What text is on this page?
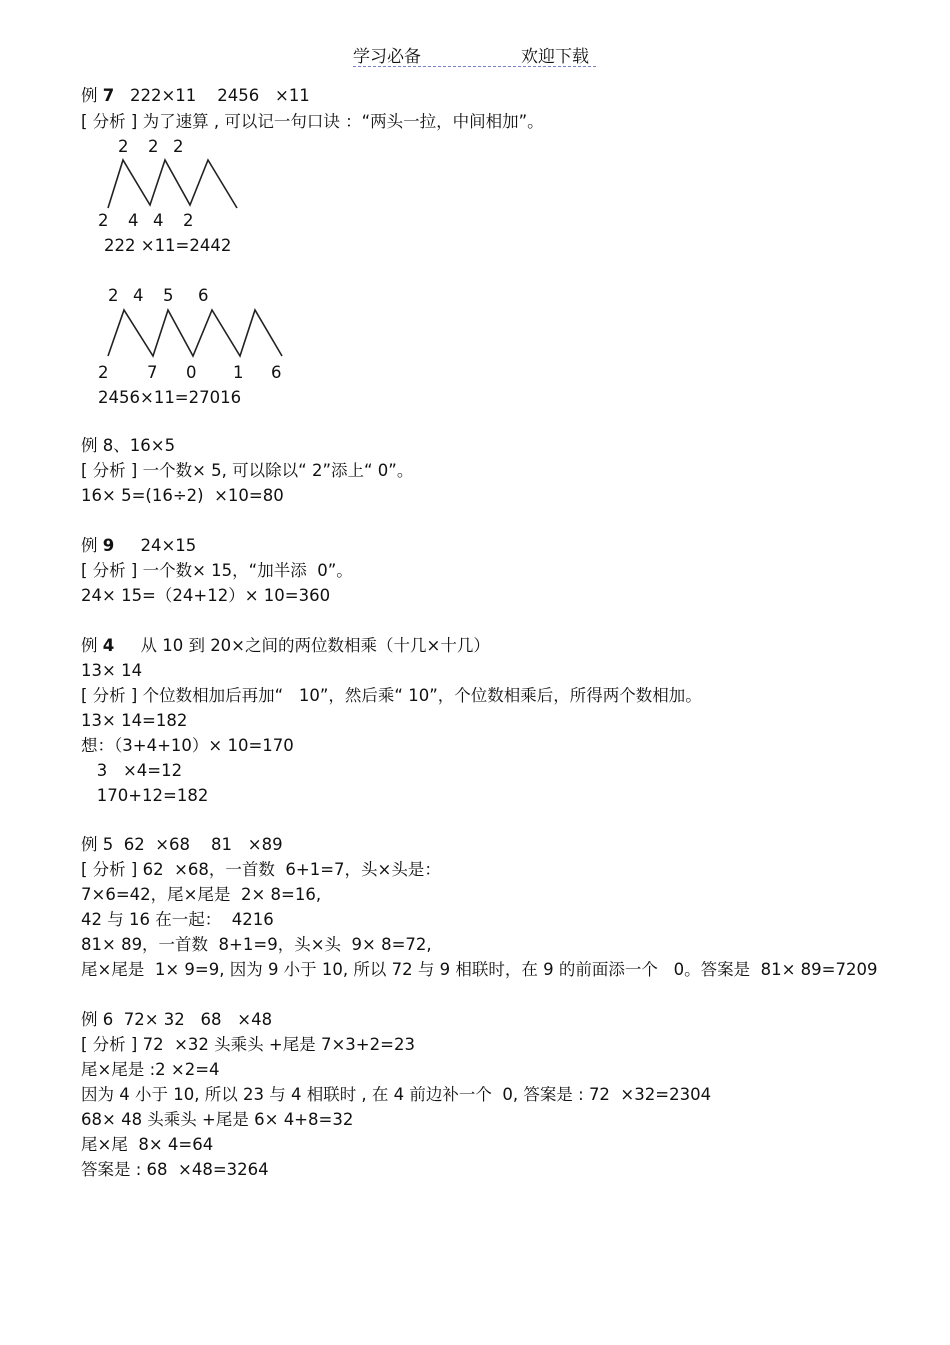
学习必备	欢迎下载
例 7   222×11    2456   ×11
[ 分析 ] 为了速算 , 可以记一句口诀 ：“两头一拉，中间相加”。
2 2 2
2 4 4 2
222 ×11=2442
2 4 5 6
2 7 0 1 6
2456×11=27016
例 8、16×5
[ 分析 ] 一个数× 5, 可以除以“ 2”添上“ 0”。
16× 5=(16÷2)  ×10=80
例 9     24×15
[ 分析 ] 一个数× 15，“加半添  0”。
24× 15=（24+12）× 10=360
例 4     从 10 到 20×之间的两位数相乘（十几×十几）
13× 14
[ 分析 ] 个位数相加后再加“   10”，然后乘“ 10”，个位数相乘后，所得两个数相加。
13× 14=182
想：（3+4+10）× 10=170
3   ×4=12
170+12=182
例 5  62  ×68    81   ×89
[ 分析 ] 62  ×68，一首数  6+1=7，头×头是：
7×6=42，尾×尾是  2× 8=16,
42 与 16 在一起：  4216
81× 89，一首数  8+1=9，头×头  9× 8=72,
尾×尾是  1× 9=9, 因为 9 小于 10, 所以 72 与 9 相联时，在 9 的前面添一个   0。答案是  81× 89=7209
例 6  72× 32   68   ×48
[ 分析 ] 72  ×32 头乘头 +尾是 7×3+2=23
尾×尾是 :2 ×2=4
因为 4 小于 10, 所以 23 与 4 相联时 , 在 4 前边补一个  0, 答案是 : 72  ×32=2304
68× 48 头乘头 +尾是 6× 4+8=32
尾×尾  8× 4=64
答案是 : 68  ×48=3264
